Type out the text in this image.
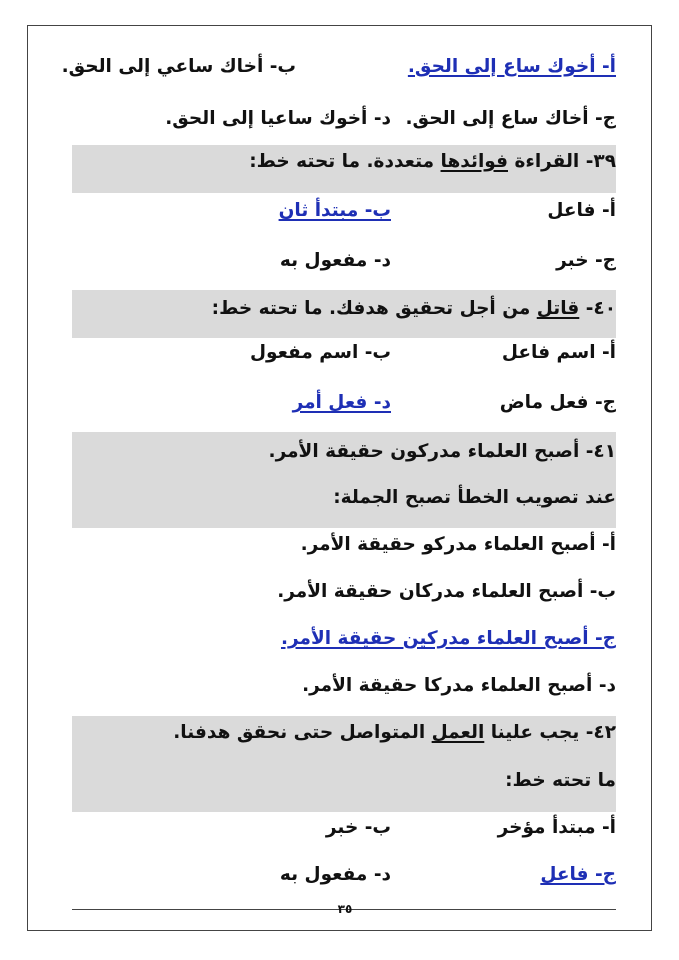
أ- أخوك ساع إلى الحق.
ب- أخاك ساعي إلى الحق.
ج- أخاك ساع إلى الحق.
د- أخوك ساعيا إلى الحق.
٣٩- القراءة فوائدها متعددة. ما تحته خط:
أ- فاعل
ب- مبتدأ ثان
ج- خبر
د- مفعول به
٤٠- قاتل من أجل تحقيق هدفك. ما تحته خط:
أ- اسم فاعل
ب- اسم مفعول
ج- فعل ماض
د- فعل أمر
٤١- أصبح العلماء مدركون حقيقة الأمر.
عند تصويب الخطأ تصبح الجملة:
أ- أصبح العلماء مدركو حقيقة الأمر.
ب- أصبح العلماء مدركان حقيقة الأمر.
ج- أصبح العلماء مدركين حقيقة الأمر.
د- أصبح العلماء مدركا حقيقة الأمر.
٤٢- يجب علينا العمل المتواصل حتى نحقق هدفنا.
ما تحته خط:
أ- مبتدأ مؤخر
ب- خبر
ج- فاعل
د- مفعول به
٣٥
